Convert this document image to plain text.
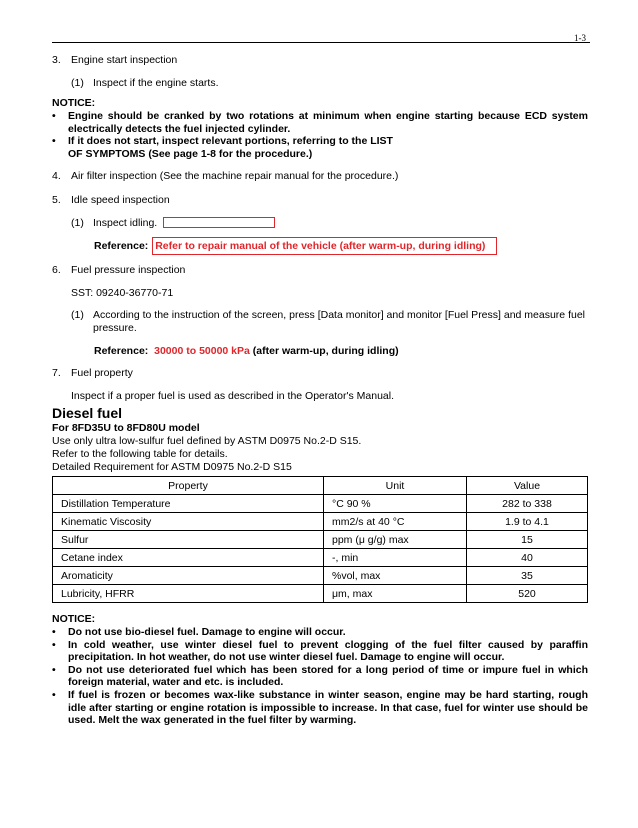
1-3
3. Engine start inspection
(1) Inspect if the engine starts.
NOTICE:
•	Engine should be cranked by two rotations at minimum when engine starting because ECD system electrically detects the fuel injected cylinder.
•	If it does not start, inspect relevant portions, referring to the LIST OF SYMPTOMS (See page 1-8 for the procedure.)
4. Air filter inspection (See the machine repair manual for the procedure.)
5. Idle speed inspection
(1) Inspect idling.
Reference: Refer to repair manual of the vehicle (after warm-up, during idling)
6. Fuel pressure inspection
SST: 09240-36770-71
(1) According to the instruction of the screen, press [Data monitor] and monitor [Fuel Press] and measure fuel pressure.
Reference: 30000 to 50000 kPa (after warm-up, during idling)
7. Fuel property
Inspect if a proper fuel is used as described in the Operator's Manual.
Diesel fuel
For 8FD35U to 8FD80U model
Use only ultra low-sulfur fuel defined by ASTM D0975 No.2-D S15.
Refer to the following table for details.
Detailed Requirement for ASTM D0975 No.2-D S15
Property	Unit	Value
Distillation Temperature	°C 90 %	282 to 338
Kinematic Viscosity	mm2/s at 40 °C	1.9 to 4.1
Sulfur	ppm (μ g/g) max	15
Cetane index	-, min	40
Aromaticity	%vol, max	35
Lubricity, HFRR	μm, max	520
NOTICE:
•	Do not use bio-diesel fuel. Damage to engine will occur.
•	In cold weather, use winter diesel fuel to prevent clogging of the fuel filter caused by paraffin precipitation. In hot weather, do not use winter diesel fuel. Damage to engine will occur.
•	Do not use deteriorated fuel which has been stored for a long period of time or impure fuel in which foreign material, water and etc. is included.
•	If fuel is frozen or becomes wax-like substance in winter season, engine may be hard starting, rough idle after starting or engine rotation is impossible to increase. In that case, fuel for winter use should be used. Melt the wax generated in the fuel filter by warming.
